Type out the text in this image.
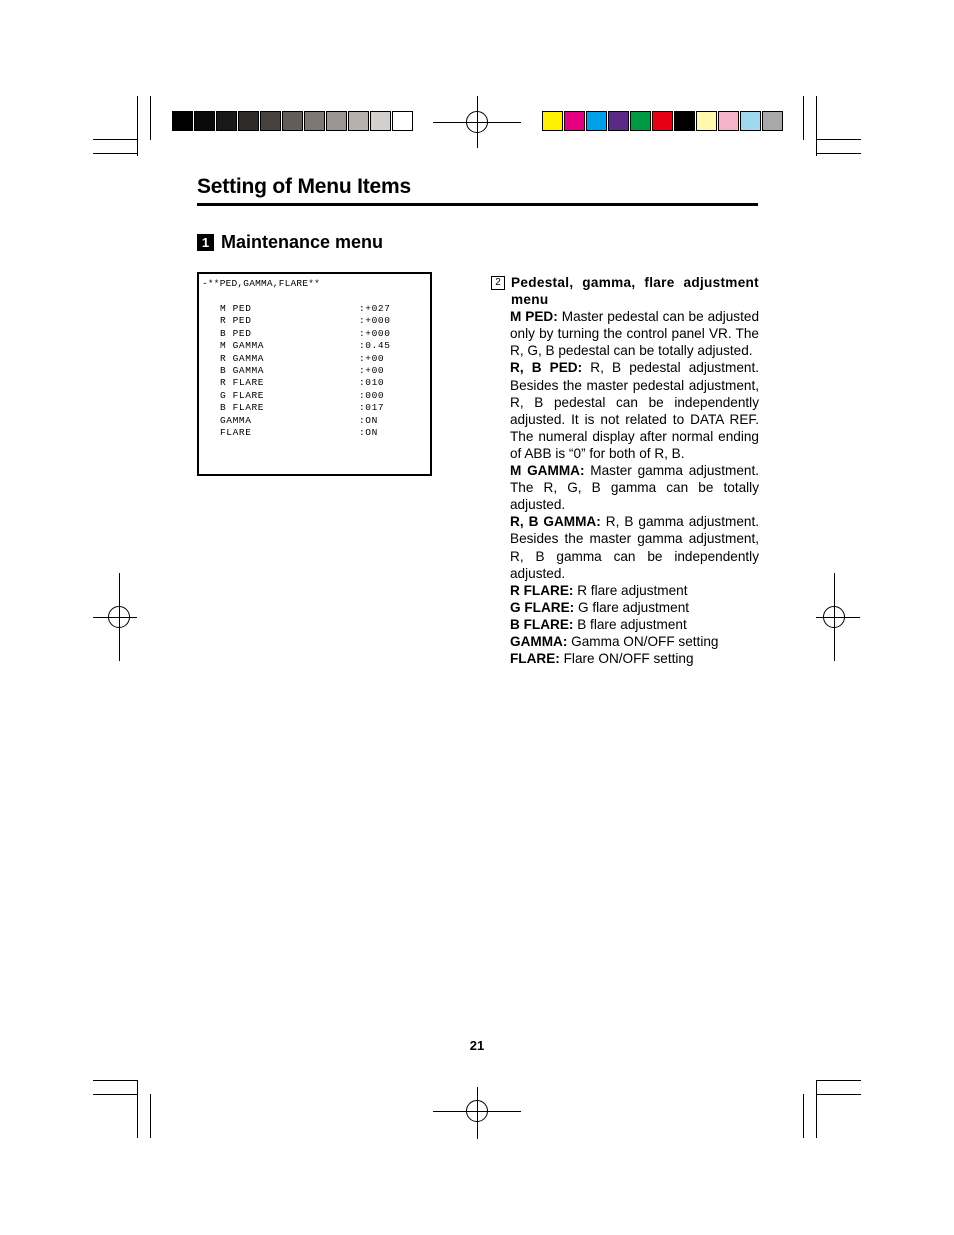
Setting of Menu Items
1 Maintenance menu
-**PED,GAMMA,FLARE**
M PED	:+027
R PED	:+000
B PED	:+000
M GAMMA	:0.45
R GAMMA	:+00
B GAMMA	:+00
R FLARE	:010
G FLARE	:000
B FLARE	:017
GAMMA	:ON
FLARE	:ON
2 Pedestal, gamma, flare adjustment menu

M PED: Master pedestal can be adjusted only by turning the control panel VR. The R, G, B pedestal can be totally adjusted.

R, B PED: R, B pedestal adjustment. Besides the master pedestal adjustment, R, B pedestal can be independently adjusted. It is not related to DATA REF. The numeral display after normal ending of ABB is “0” for both of R, B.

M GAMMA: Master gamma adjustment. The R, G, B gamma can be totally adjusted.

R, B GAMMA: R, B gamma adjustment. Besides the master gamma adjustment, R, B gamma can be independently adjusted.

R FLARE: R flare adjustment

G FLARE: G flare adjustment

B FLARE: B flare adjustment

GAMMA: Gamma ON/OFF setting

FLARE: Flare ON/OFF setting

21
